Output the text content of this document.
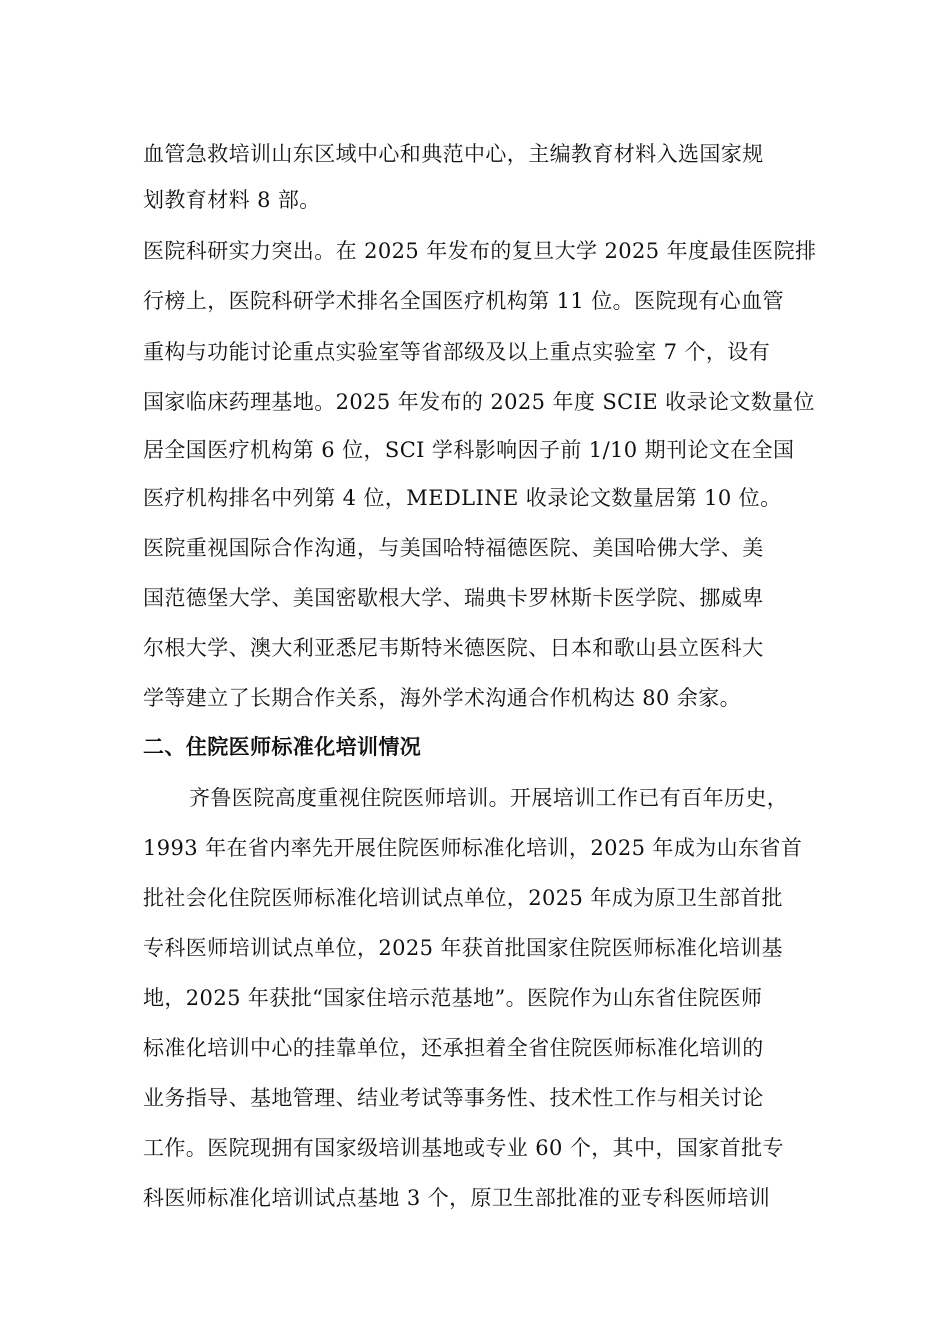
血管急救培训山东区域中心和典范中心，主编教育材料入选国家规
划教育材料 8 部。
医院科研实力突出。在 2025 年发布的复旦大学 2025 年度最佳医院排
行榜上，医院科研学术排名全国医疗机构第 11 位。医院现有心血管
重构与功能讨论重点实验室等省部级及以上重点实验室 7 个，设有
国家临床药理基地。2025 年发布的 2025 年度 SCIE 收录论文数量位
居全国医疗机构第 6 位，SCI 学科影响因子前 1/10 期刊论文在全国
医疗机构排名中列第 4 位，MEDLINE 收录论文数量居第 10 位。
医院重视国际合作沟通，与美国哈特福德医院、美国哈佛大学、美
国范德堡大学、美国密歇根大学、瑞典卡罗林斯卡医学院、挪威卑
尔根大学、澳大利亚悉尼韦斯特米德医院、日本和歌山县立医科大
学等建立了长期合作关系，海外学术沟通合作机构达 80 余家。
二、住院医师标准化培训情况
齐鲁医院高度重视住院医师培训。开展培训工作已有百年历史，
1993 年在省内率先开展住院医师标准化培训，2025 年成为山东省首
批社会化住院医师标准化培训试点单位，2025 年成为原卫生部首批
专科医师培训试点单位，2025 年获首批国家住院医师标准化培训基
地，2025 年获批“国家住培示范基地”。医院作为山东省住院医师
标准化培训中心的挂靠单位，还承担着全省住院医师标准化培训的
业务指导、基地管理、结业考试等事务性、技术性工作与相关讨论
工作。医院现拥有国家级培训基地或专业 60 个，其中，国家首批专
科医师标准化培训试点基地 3 个，原卫生部批准的亚专科医师培训
